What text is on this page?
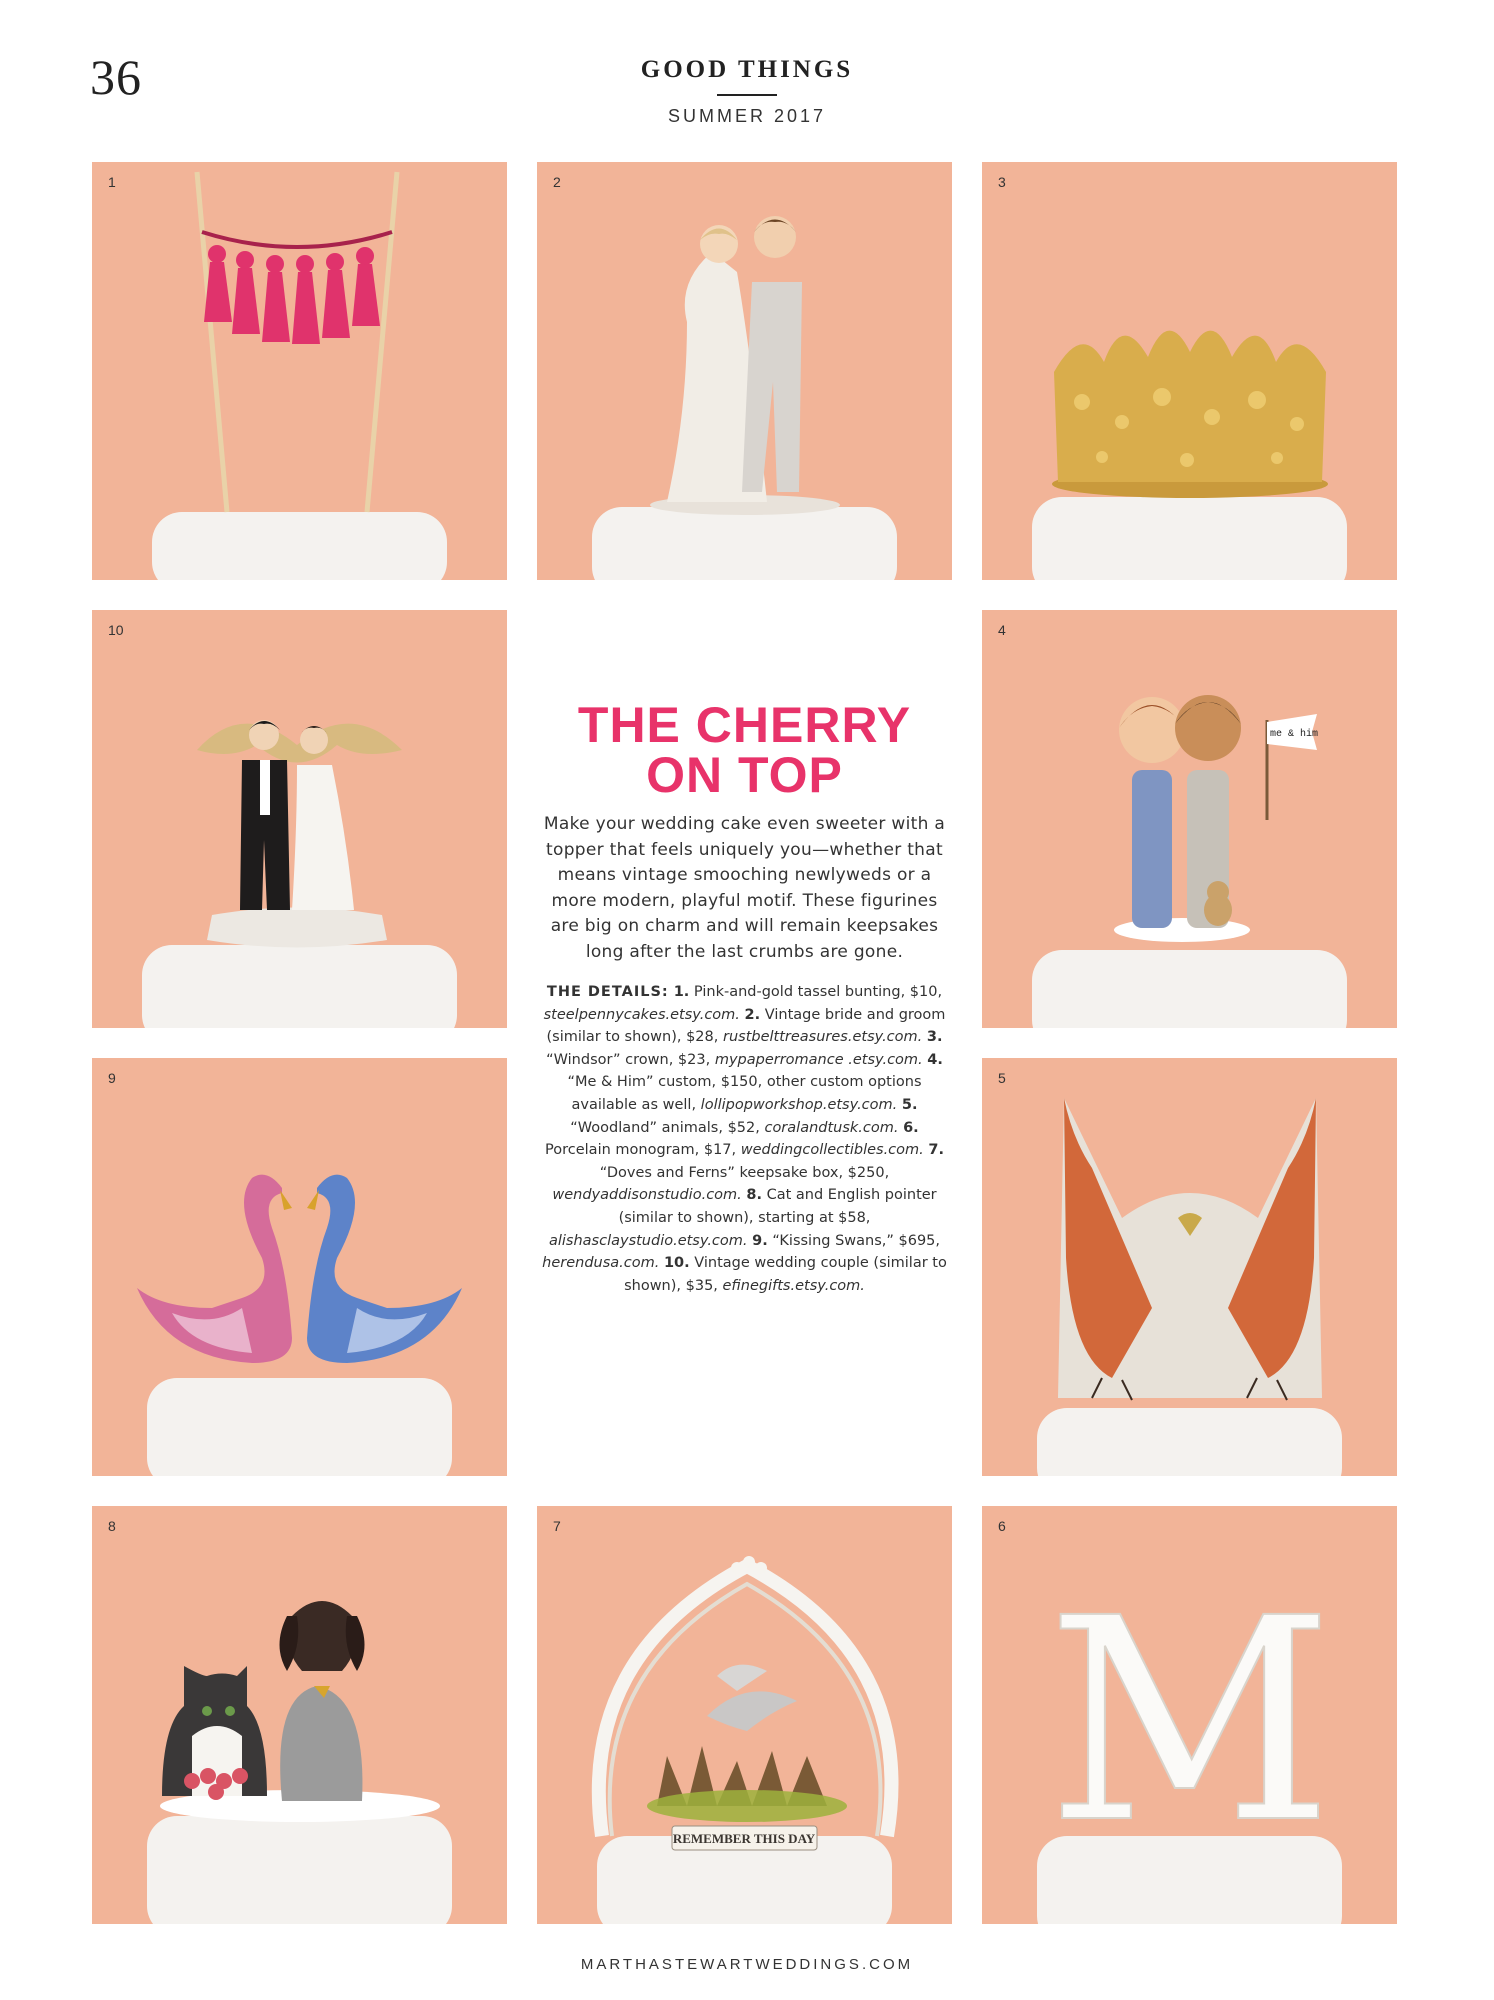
36	GOOD THINGS
SUMMER 2017
1	2	3
10
THE CHERRY
ON TOP

Make your wedding cake even sweeter with a topper that feels uniquely you—whether that means vintage smooching newlyweds or a more modern, playful motif. These figurines are big on charm and will remain keepsakes long after the last crumbs are gone.

THE DETAILS: 1. Pink-and-gold tassel bunting, $10, steelpennycakes.etsy.com. 2. Vintage bride and groom (similar to shown), $28, rustbelttreasures.etsy.com. 3. “Windsor” crown, $23, mypaperromance .etsy.com. 4. “Me & Him” custom, $150, other custom options available as well, lollipopworkshop.etsy.com. 5. “Woodland” animals, $52, coralandtusk.com. 6. Porcelain monogram, $17, weddingcollectibles.com. 7. “Doves and Ferns” keepsake box, $250, wendyaddisonstudio.com. 8. Cat and English pointer (similar to shown), starting at $58, alishasclaystudio.etsy.com. 9. “Kissing Swans,” $695, herendusa.com. 10. Vintage wedding couple (similar to shown), $35, efinegifts.etsy.com.

me & him
4
9	5
8
REMEMBER THIS DAY
7
M
6
MARTHASTEWARTWEDDINGS.COM
